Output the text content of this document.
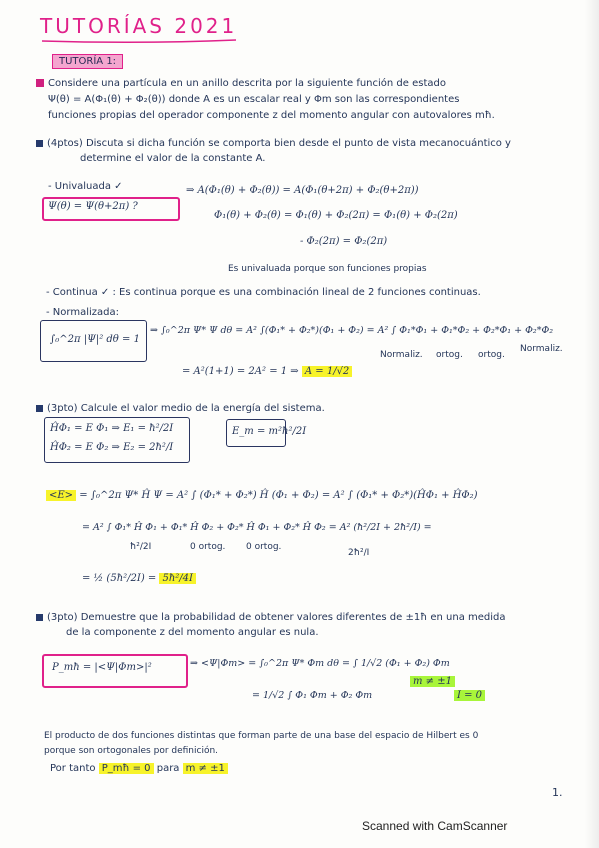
TUTORÍAS 2021
TUTORÍA 1:
Considere una partícula en un anillo descrita por la siguiente función de estado
Ψ(θ) = A(Φ₁(θ) + Φ₂(θ)) donde A es un escalar real y Φm son las correspondientes
funciones propias del operador componente z del momento angular con autovalores mħ.
(4ptos) Discuta si dicha función se comporta bien desde el punto de vista mecanocuántico y
determine el valor de la constante A.
- Univaluada ✓
Ψ(θ) = Ψ(θ+2π) ?
⇒ A(Φ₁(θ) + Φ₂(θ)) = A(Φ₁(θ+2π) + Φ₂(θ+2π))
Φ₁(θ) + Φ₂(θ) = Φ₁(θ) + Φ₂(2π) = Φ₁(θ) + Φ₂(2π)
- Φ₂(2π) = Φ₂(2π)
Es univaluada porque son funciones propias
- Continua ✓ : Es continua porque es una combinación lineal de 2 funciones continuas.
- Normalizada:
∫₀^2π |Ψ|² dθ = 1
⇒ ∫₀^2π Ψ* Ψ dθ = A² ∫(Φ₁* + Φ₂*)(Φ₁ + Φ₂) = A² ∫ Φ₁*Φ₁ + Φ₁*Φ₂ + Φ₂*Φ₁ + Φ₂*Φ₂
Normaliz. ortog. ortog.
Normaliz.
= A²(1+1) = 2A² = 1 ⇒ A = 1/√2
(3pto) Calcule el valor medio de la energía del sistema.
ĤΦ₁ = E Φ₁ ⇒ E₁ = ħ²/2I
ĤΦ₂ = E Φ₂ ⇒ E₂ = 2ħ²/I
E_m = m²ħ²/2I
<E> = ∫₀^2π Ψ* Ĥ Ψ = A² ∫ (Φ₁* + Φ₂*) Ĥ (Φ₁ + Φ₂) = A² ∫ (Φ₁* + Φ₂*)(ĤΦ₁ + ĤΦ₂)
= A² ∫ Φ₁* Ĥ Φ₁ + Φ₁* Ĥ Φ₂ + Φ₂* Ĥ Φ₁ + Φ₂* Ĥ Φ₂ = A² (ħ²/2I + 2ħ²/I) =
ħ²/2I	0 ortog. 0 ortog.
2ħ²/I
= ½ (5ħ²/2I) = 5ħ²/4I
(3pto) Demuestre que la probabilidad de obtener valores diferentes de ±1ħ en una medida
de la componente z del momento angular es nula.
P_mħ = |<Ψ|Φm>|²	⇒ <Ψ|Φm> = ∫₀^2π Ψ* Φm dθ = ∫ 1/√2 (Φ₁ + Φ₂) Φm
= 1/√2 ∫ Φ₁ Φm + Φ₂ Φm
m ≠ ±1
I = 0
El producto de dos funciones distintas que forman parte de una base del espacio de Hilbert es 0
porque son ortogonales por definición.
Por tanto P_mħ = 0 para m ≠ ±1
1.
Scanned with CamScanner
